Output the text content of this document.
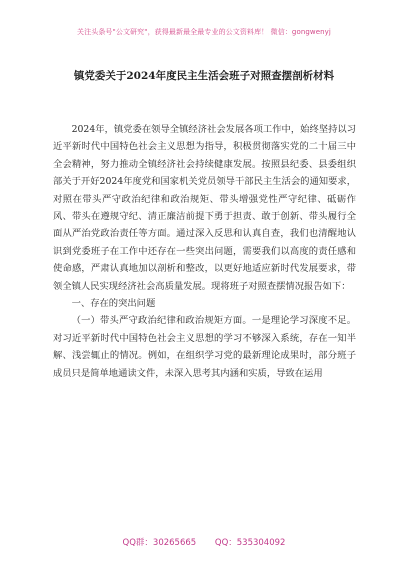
关注头条号"公文研究"，获得最新最全最专业的公文资料库！ 微信：gongwenyj
镇党委关于2024年度民主生活会班子对照查摆剖析材料

2024年，镇党委在领导全镇经济社会发展各项工作中，始终坚持以习近平新时代中国特色社会主义思想为指导，积极贯彻落实党的二十届三中全会精神，努力推动全镇经济社会持续健康发展。按照县纪委、县委组织部关于开好2024年度党和国家机关党员领导干部民主生活会的通知要求，对照在带头严守政治纪律和政治规矩、带头增强党性严守纪律、砥砺作风、带头在遵规守纪、清正廉洁前提下勇于担责、敢于创新、带头履行全面从严治党政治责任等方面。通过深入反思和认真自查，我们也清醒地认识到党委班子在工作中还存在一些突出问题，需要我们以高度的责任感和使命感，严肃认真地加以剖析和整改，以更好地适应新时代发展要求，带领全镇人民实现经济社会高质量发展。现将班子对照查摆情况报告如下：

一、存在的突出问题

（一）带头严守政治纪律和政治规矩方面。一是理论学习深度不足。对习近平新时代中国特色社会主义思想的学习不够深入系统，存在一知半解、浅尝辄止的情况。例如，在组织学习党的最新理论成果时，部分班子成员只是简单地通读文件，未深入思考其内涵和实质，导致在运用

QQ群：30265665 QQ：535304092
